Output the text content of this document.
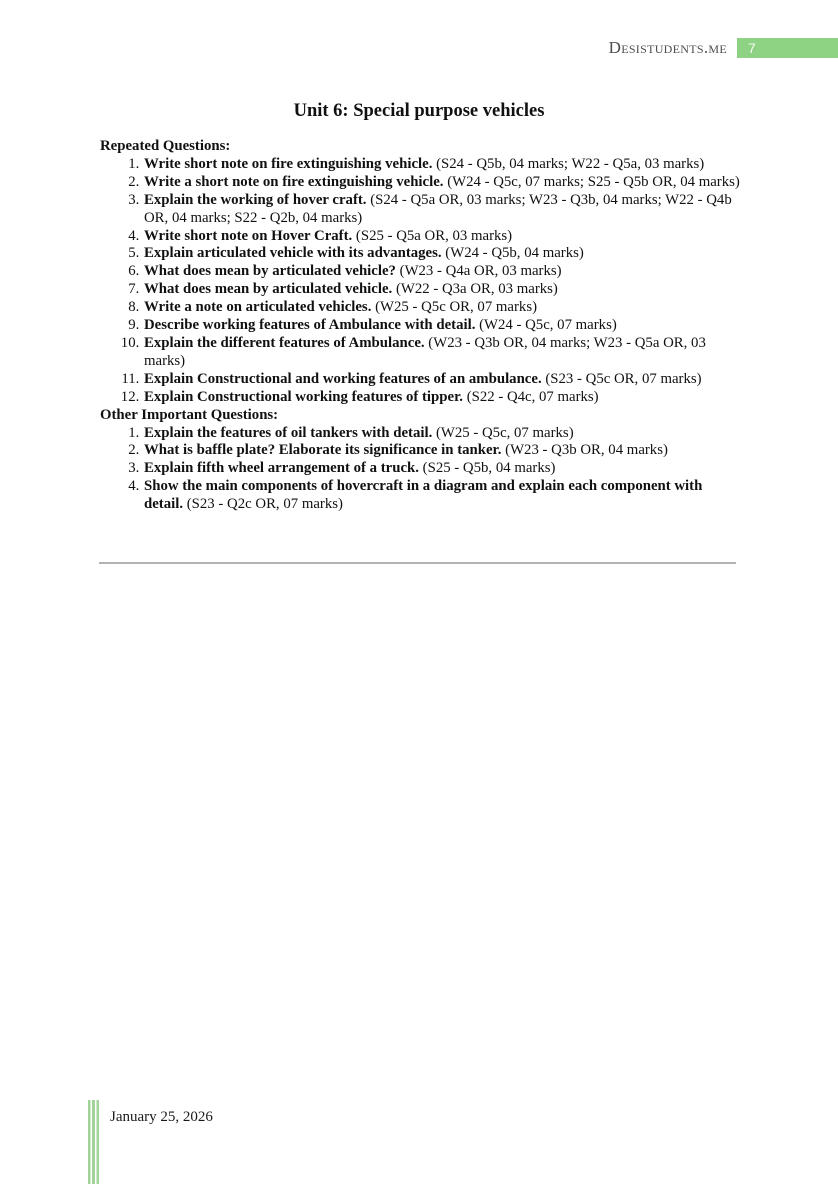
Desistudents.me	7
Unit 6: Special purpose vehicles
Repeated Questions:
1. Write short note on fire extinguishing vehicle. (S24 - Q5b, 04 marks; W22 - Q5a, 03 marks)
2. Write a short note on fire extinguishing vehicle. (W24 - Q5c, 07 marks; S25 - Q5b OR, 04 marks)
3. Explain the working of hover craft. (S24 - Q5a OR, 03 marks; W23 - Q3b, 04 marks; W22 - Q4b OR, 04 marks; S22 - Q2b, 04 marks)
4. Write short note on Hover Craft. (S25 - Q5a OR, 03 marks)
5. Explain articulated vehicle with its advantages. (W24 - Q5b, 04 marks)
6. What does mean by articulated vehicle? (W23 - Q4a OR, 03 marks)
7. What does mean by articulated vehicle. (W22 - Q3a OR, 03 marks)
8. Write a note on articulated vehicles. (W25 - Q5c OR, 07 marks)
9. Describe working features of Ambulance with detail. (W24 - Q5c, 07 marks)
10. Explain the different features of Ambulance. (W23 - Q3b OR, 04 marks; W23 - Q5a OR, 03 marks)
11. Explain Constructional and working features of an ambulance. (S23 - Q5c OR, 07 marks)
12. Explain Constructional working features of tipper. (S22 - Q4c, 07 marks)
Other Important Questions:
1. Explain the features of oil tankers with detail. (W25 - Q5c, 07 marks)
2. What is baffle plate? Elaborate its significance in tanker. (W23 - Q3b OR, 04 marks)
3. Explain fifth wheel arrangement of a truck. (S25 - Q5b, 04 marks)
4. Show the main components of hovercraft in a diagram and explain each component with detail. (S23 - Q2c OR, 07 marks)
January 25, 2026
